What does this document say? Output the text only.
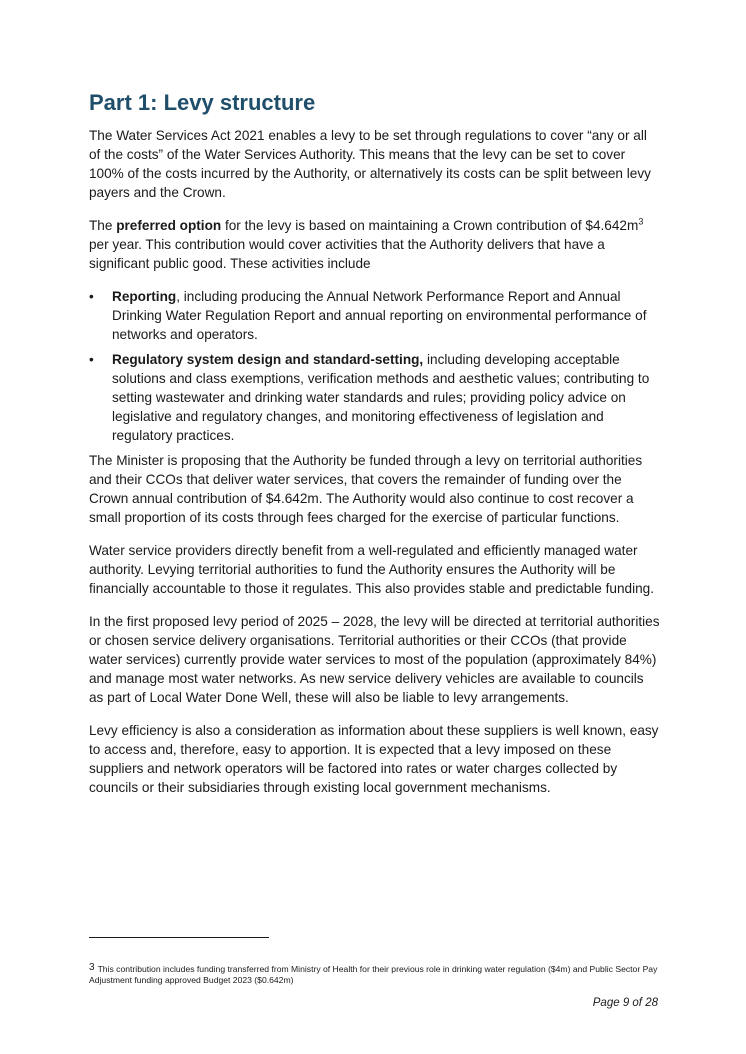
Part 1: Levy structure

The Water Services Act 2021 enables a levy to be set through regulations to cover “any or all of the costs” of the Water Services Authority. This means that the levy can be set to cover 100% of the costs incurred by the Authority, or alternatively its costs can be split between levy payers and the Crown.

The preferred option for the levy is based on maintaining a Crown contribution of $\$4.642m^3$ per year. This contribution would cover activities that the Authority delivers that have a significant public good. These activities include

• Reporting, including producing the Annual Network Performance Report and Annual Drinking Water Regulation Report and annual reporting on environmental performance of networks and operators.
• Regulatory system design and standard-setting, including developing acceptable solutions and class exemptions, verification methods and aesthetic values; contributing to setting wastewater and drinking water standards and rules; providing policy advice on legislative and regulatory changes, and monitoring effectiveness of legislation and regulatory practices.

The Minister is proposing that the Authority be funded through a levy on territorial authorities and their CCOs that deliver water services, that covers the remainder of funding over the Crown annual contribution of $4.642m. The Authority would also continue to cost recover a small proportion of its costs through fees charged for the exercise of particular functions.

Water service providers directly benefit from a well-regulated and efficiently managed water authority. Levying territorial authorities to fund the Authority ensures the Authority will be financially accountable to those it regulates. This also provides stable and predictable funding.

In the first proposed levy period of 2025 – 2028, the levy will be directed at territorial authorities or chosen service delivery organisations. Territorial authorities or their CCOs (that provide water services) currently provide water services to most of the population (approximately 84%) and manage most water networks. As new service delivery vehicles are available to councils as part of Local Water Done Well, these will also be liable to levy arrangements.

Levy efficiency is also a consideration as information about these suppliers is well known, easy to access and, therefore, easy to apportion. It is expected that a levy imposed on these suppliers and network operators will be factored into rates or water charges collected by councils or their subsidiaries through existing local government mechanisms.

3 This contribution includes funding transferred from Ministry of Health for their previous role in drinking water regulation ($4m) and Public Sector Pay Adjustment funding approved Budget 2023 ($0.642m)
Page 9 of 28
